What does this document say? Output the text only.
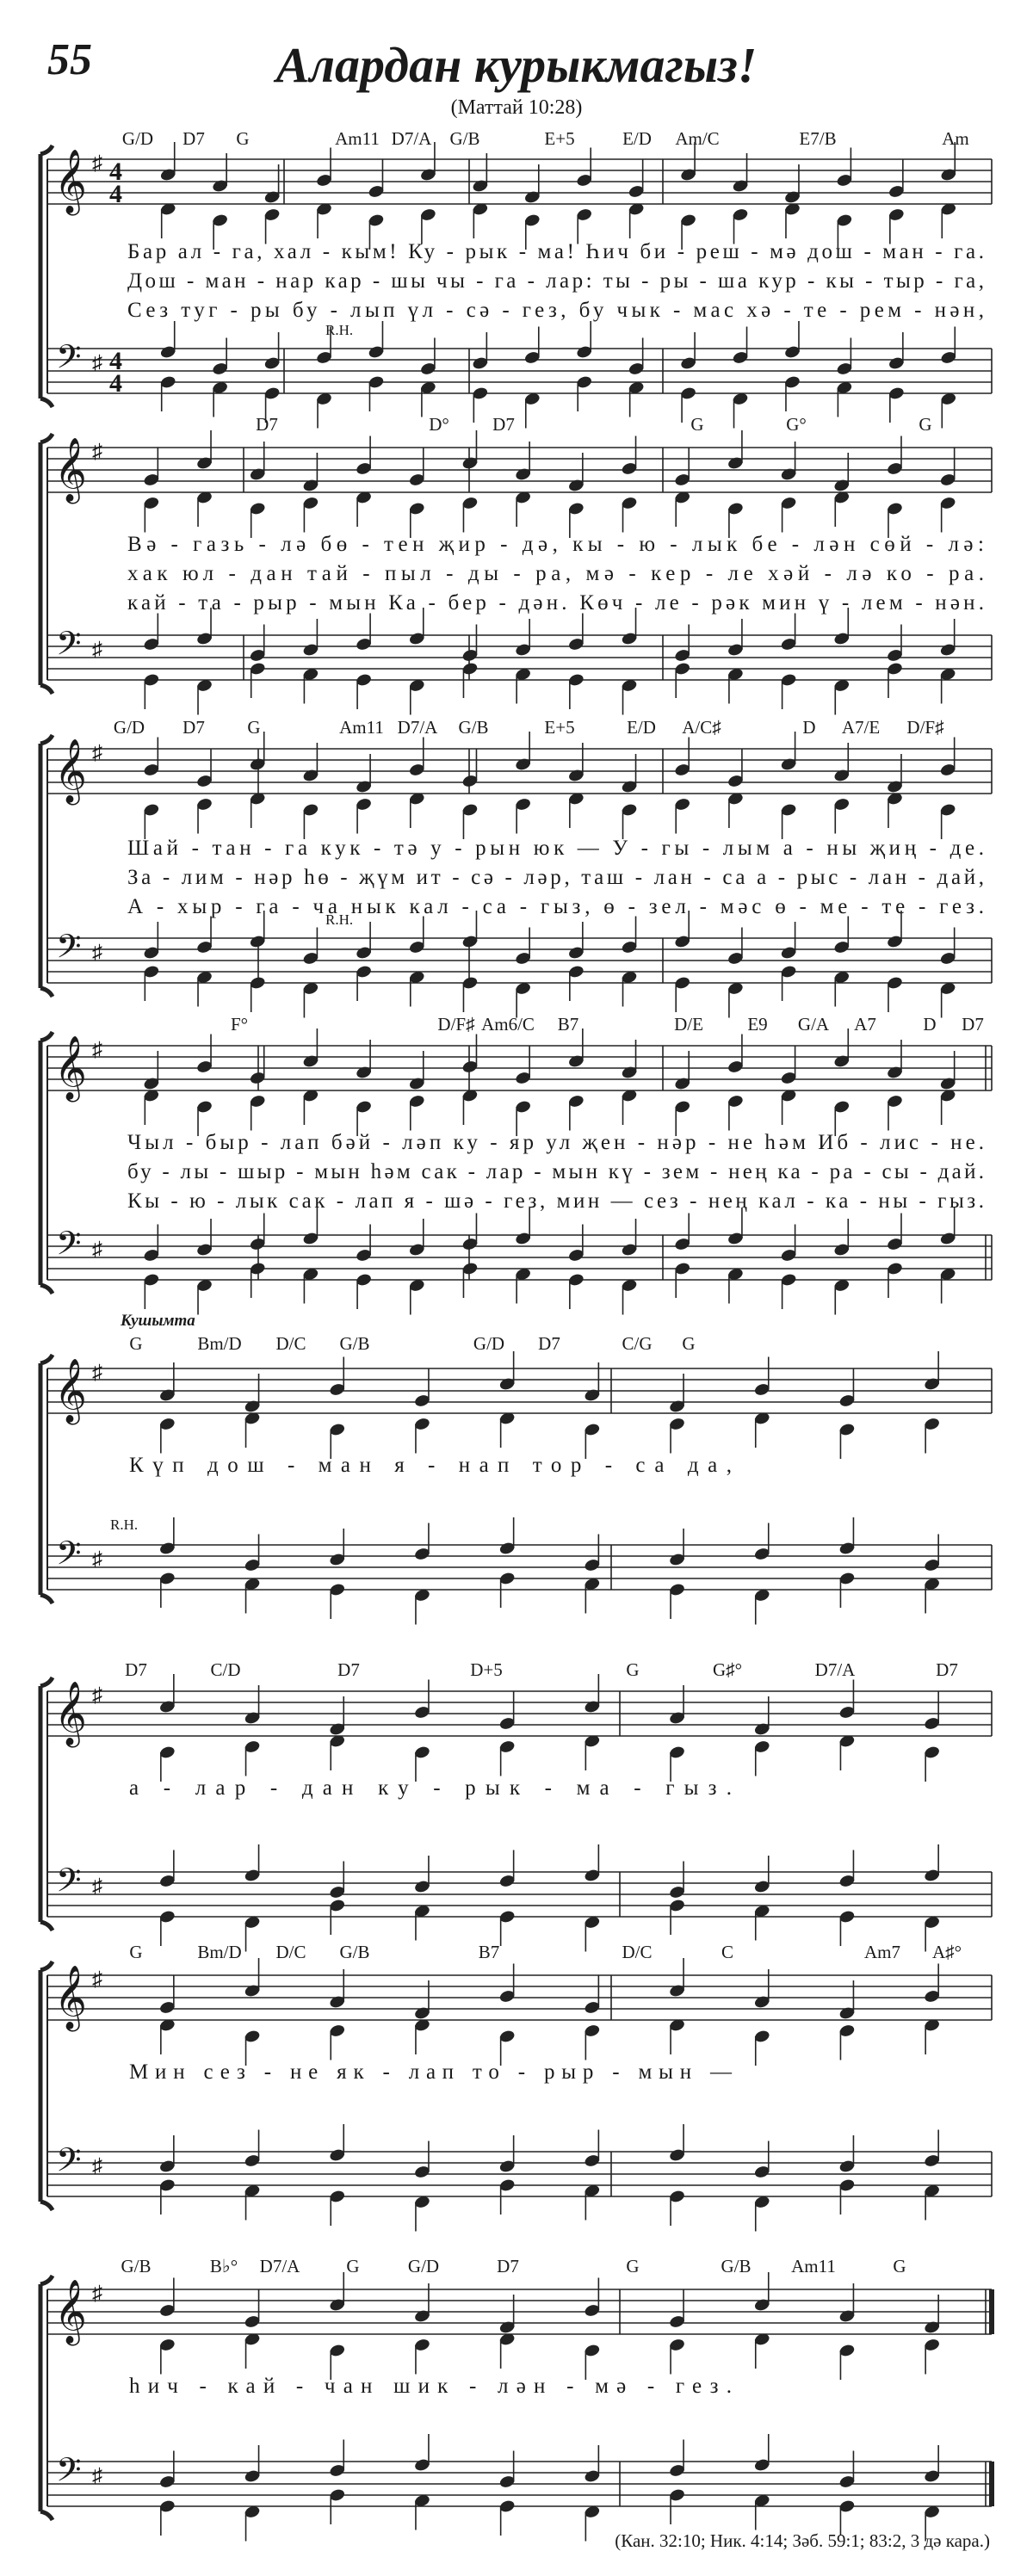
55	Алардан курыкмагыз!
(Маттай 10:28)
𝄞
𝄢
♯
♯
4
4
4
4
G/D D7 G	Am11 D7/A G/B	E+5	E/D Am/C	E7/B	Am
R.H.
Бар ал - га, хал - кым! Ку - рык - ма! Һич би - реш - мә дош - ман - га.
Дош - ман - нар кар - шы чы - га - лар: ты - ры - ша кур - кы - тыр - га,
Сез туг - ры бу - лып үл - сә - гез, бу чык - мас хә - те - рем - нән,
𝄞
𝄢
♯
♯
D7	D° D7	G	G°	G
Вә - газь - лә бө - тен җир - дә, кы - ю - лык бе - лән сөй - лә:
хак юл - дан тай - пыл - ды - ра, мә - кер - ле хәй - лә ко - ра.
кай - та - рыр - мын Ка - бер - дән. Көч - ле - рәк мин ү - лем - нән.
𝄞
𝄢
♯
♯
G/D D7 G	Am11 D7/A G/B	E+5	E/D A/C♯	D A7/E D/F♯
R.H.
Шай - тан - га кук - тә у - рын юк — У - гы - лым а - ны җиң - де.
За - лим - нәр һө - җүм ит - сә - ләр, таш - лан - са а - рыс - лан - дай,
А - хыр - га - ча нык кал - са - гыз, ө - зел - мәс ө - ме - те - гез.
𝄞
𝄢
♯
♯
F°	D/F♯ Am6/C B7	D/E E9 G/A A7	D D7
Чыл - быр - лап бәй - ләп ку - яр ул җен - нәр - не һәм Иб - лис - не.
бу - лы - шыр - мын һәм сак - лар - мын кү - зем - нең ка - ра - сы - дай.
Кы - ю - лык сак - лап я - шә - гез, мин — сез - нең кал - ка - ны - гыз.
𝄞
𝄢
♯
♯
G	Bm/D D/C G/B	G/D D7	C/G G
R.H.
Кушымта
Күп дош - ман я - нап тор - са да,
𝄞
𝄢
♯
♯
D7	C/D	D7	D+5	G	G♯°	D7/A	D7
а - лар - дан ку - рык - ма - гыз.
𝄞
𝄢
♯
♯
G	Bm/D D/C G/B	B7	D/C	C	Am7 A♯°
Мин сез - не як - лап то - рыр - мын —
𝄞
𝄢
♯
♯
G/B	B♭° D7/A	G	G/D	D7	G	G/B Am11	G
һич - кай - чан шик - лән - мә - гез.
(Кан. 32:10; Ник. 4:14; Зәб. 59:1; 83:2, 3 дә кара.)
